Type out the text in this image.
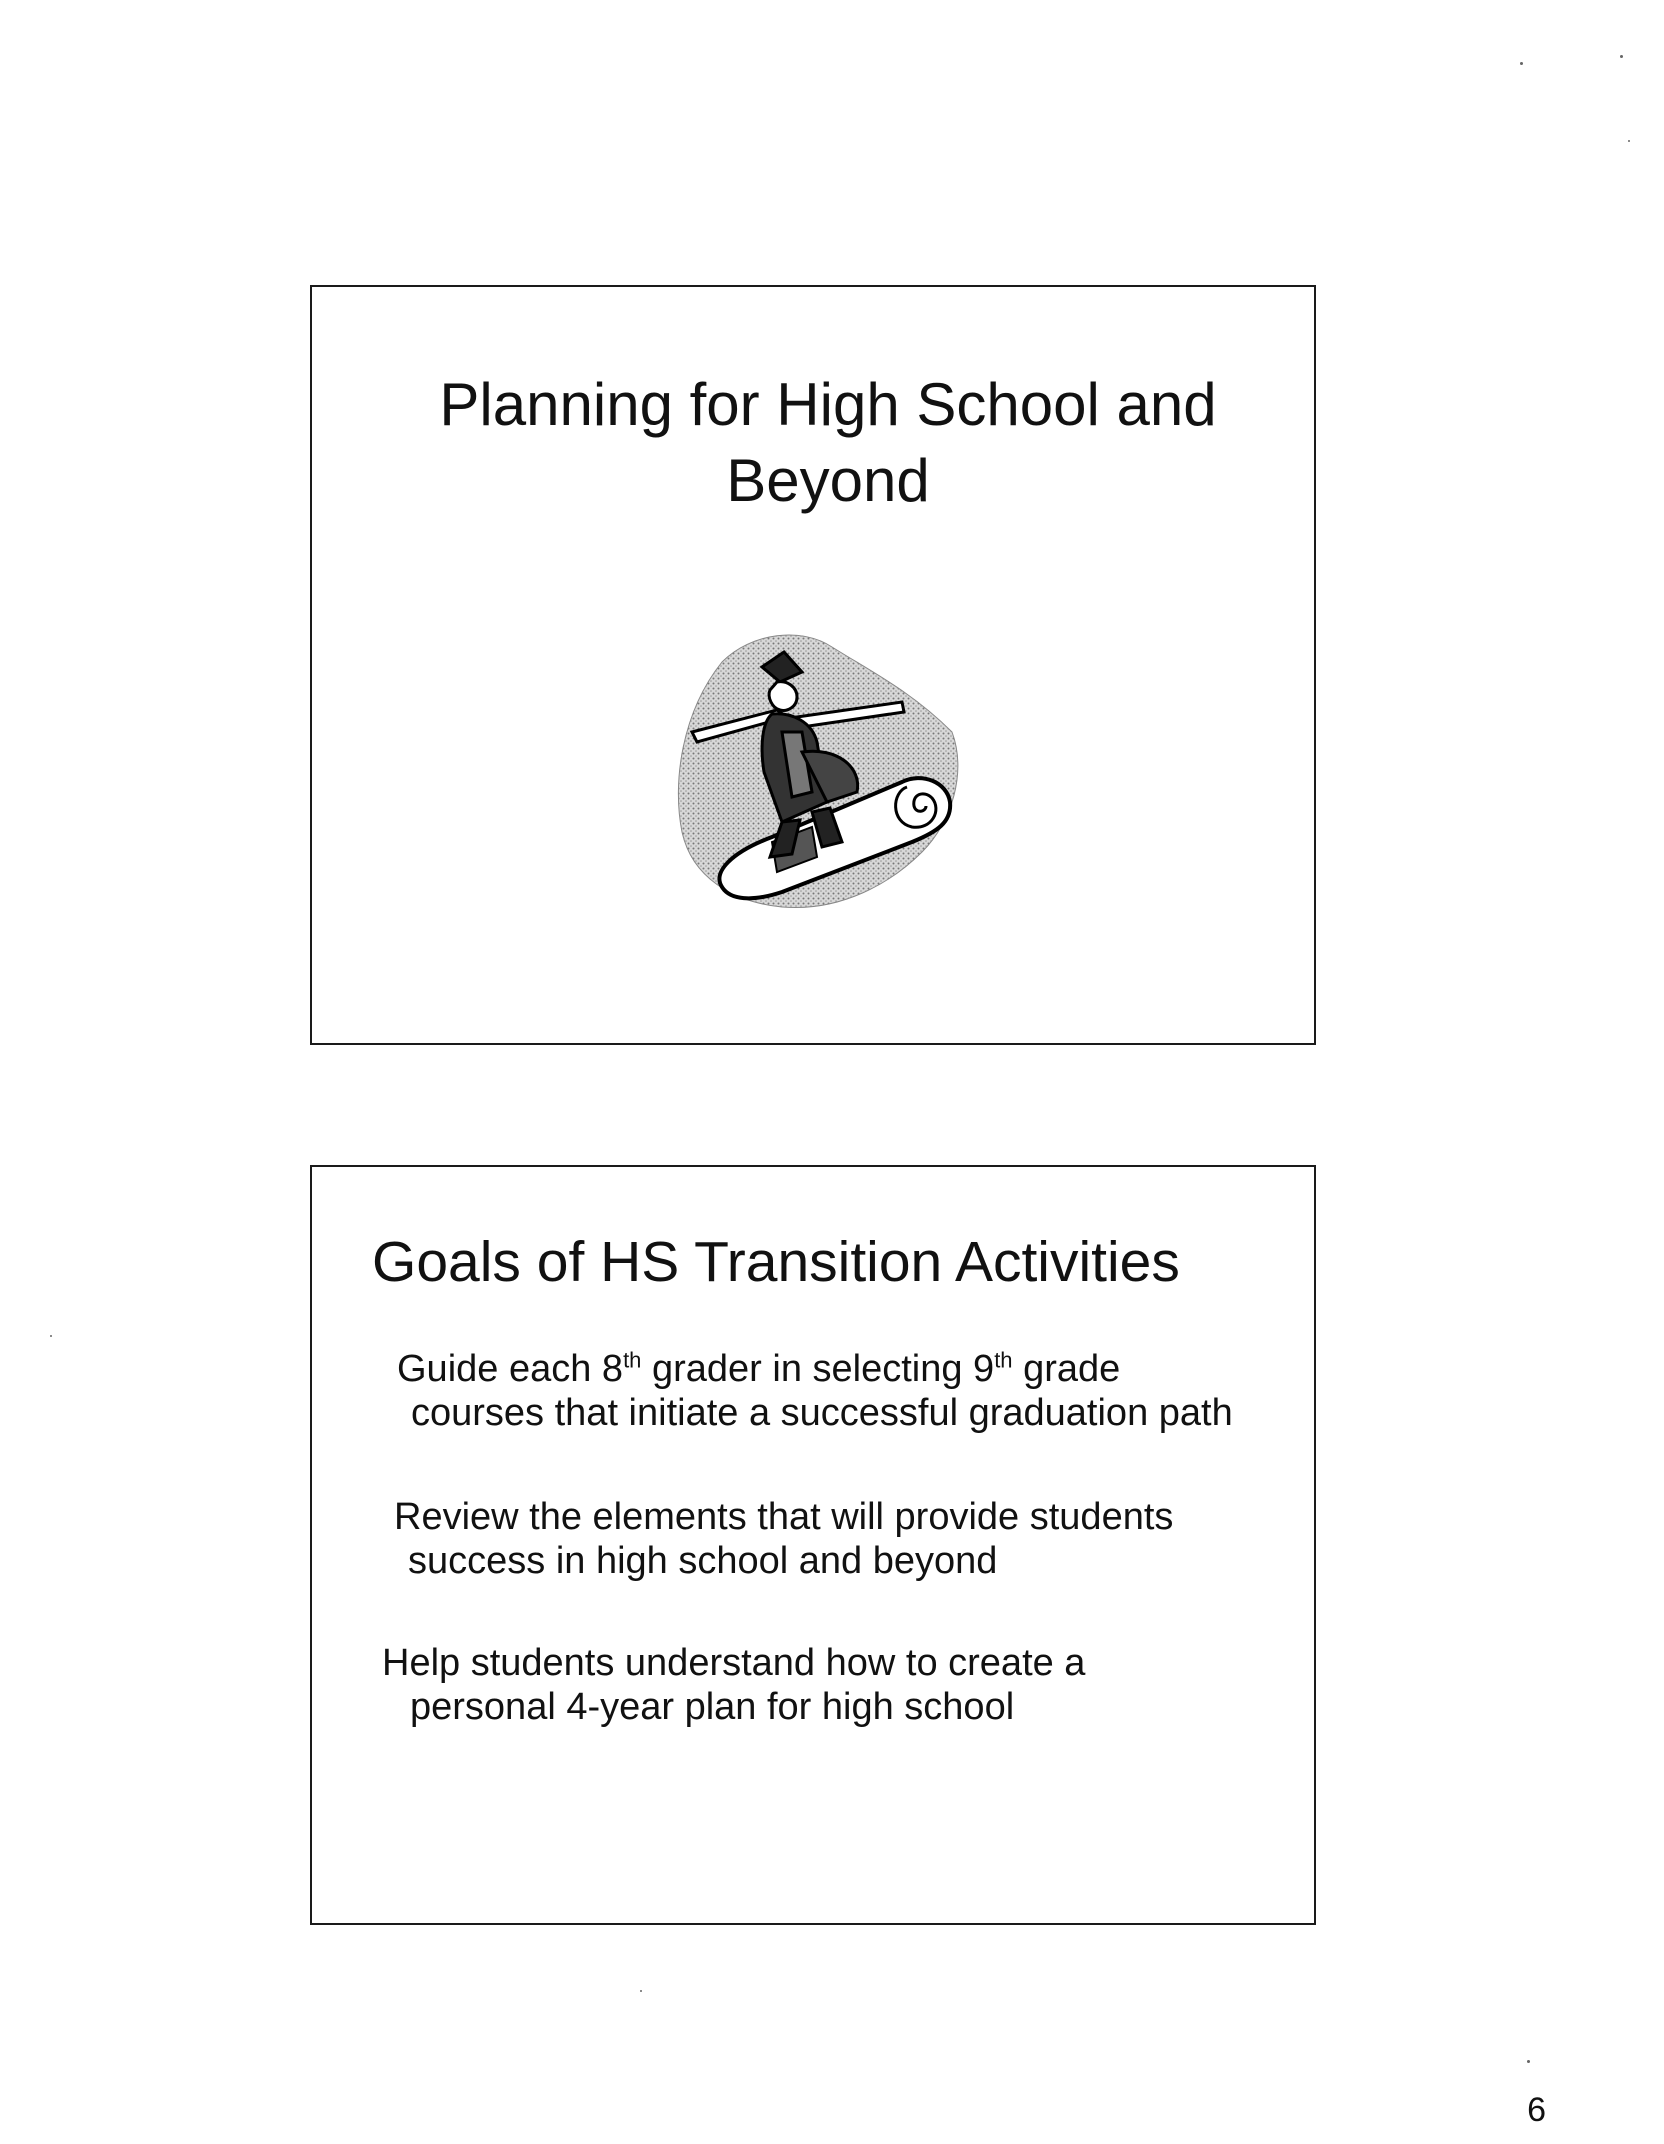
Planning for High School and
Beyond
Goals of HS Transition Activities

Guide each 8th grader in selecting 9th grade
courses that initiate a successful graduation path

Review the elements that will provide students
success in high school and beyond

Help students understand how to create a
personal 4-year plan for high school

6
